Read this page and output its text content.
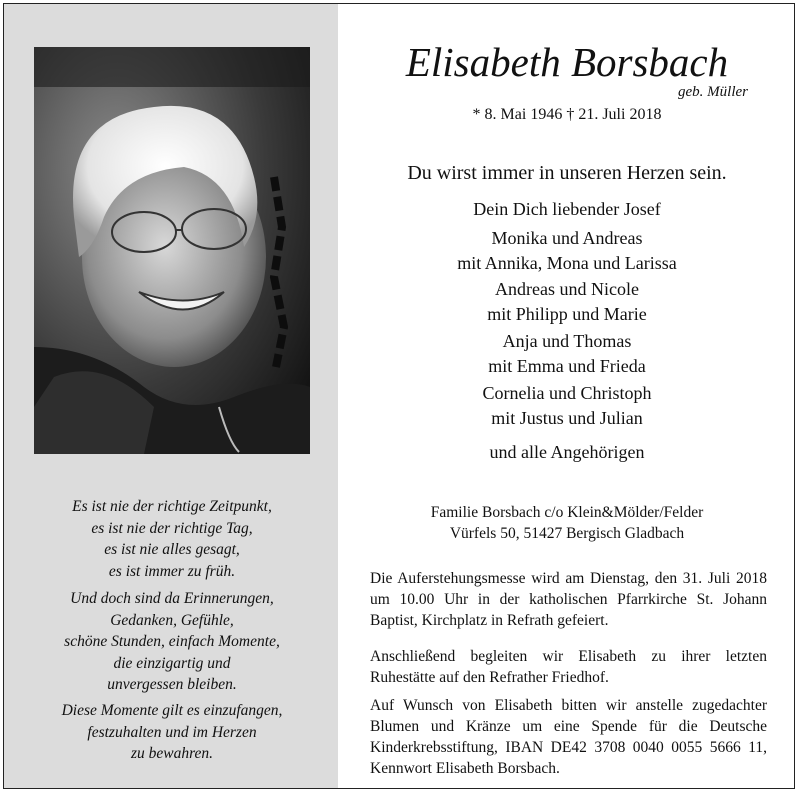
Es ist nie der richtige Zeitpunkt,
es ist nie der richtige Tag,
es ist nie alles gesagt,
es ist immer zu früh.
Und doch sind da Erinnerungen,
Gedanken, Gefühle,
schöne Stunden, einfach Momente,
die einzigartig und
unvergessen bleiben.
Diese Momente gilt es einzufangen,
festzuhalten und im Herzen
zu bewahren.
Elisabeth Borsbach
geb. Müller
* 8. Mai 1946 † 21. Juli 2018
Du wirst immer in unseren Herzen sein.
Dein Dich liebender Josef
Monika und Andreas
mit Annika, Mona und Larissa
Andreas und Nicole
mit Philipp und Marie
Anja und Thomas
mit Emma und Frieda
Cornelia und Christoph
mit Justus und Julian
und alle Angehörigen
Familie Borsbach c/o Klein&Mölder/Felder
Vürfels 50, 51427 Bergisch Gladbach
Die Auferstehungsmesse wird am Dienstag, den 31. Juli 2018 um 10.00 Uhr in der katholischen Pfarrkirche St. Johann Baptist, Kirchplatz in Refrath gefeiert.
Anschließend begleiten wir Elisabeth zu ihrer letzten Ruhestätte auf den Refrather Friedhof.
Auf Wunsch von Elisabeth bitten wir anstelle zugedachter Blumen und Kränze um eine Spende für die Deutsche Kinderkrebsstiftung, IBAN DE42 3708 0040 0055 5666 11, Kennwort Elisabeth Borsbach.
